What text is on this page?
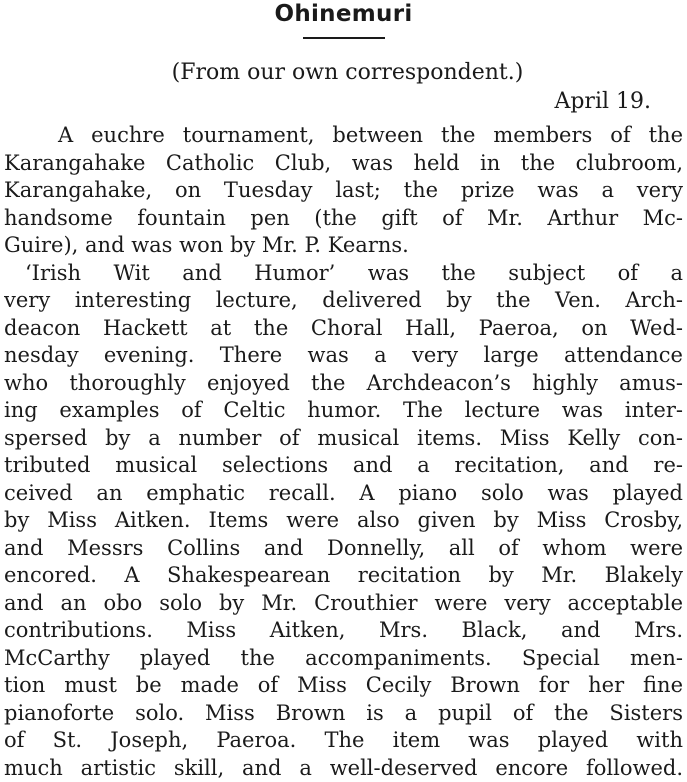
Ohinemuri
(From our own correspondent.)
April 19.
A euchre tournament, between the members of the
Karangahake Catholic Club, was held in the clubroom,
Karangahake, on Tuesday last; the prize was a very
handsome fountain pen (the gift of Mr. Arthur Mc-
Guire), and was won by Mr. P. Kearns.
‘Irish Wit and Humor’ was the subject of a
very interesting lecture, delivered by the Ven. Arch-
deacon Hackett at the Choral Hall, Paeroa, on Wed-
nesday evening. There was a very large attendance
who thoroughly enjoyed the Archdeacon’s highly amus-
ing examples of Celtic humor. The lecture was inter-
spersed by a number of musical items. Miss Kelly con-
tributed musical selections and a recitation, and re-
ceived an emphatic recall. A piano solo was played
by Miss Aitken. Items were also given by Miss Crosby,
and Messrs Collins and Donnelly, all of whom were
encored. A Shakespearean recitation by Mr. Blakely
and an obo solo by Mr. Crouthier were very acceptable
contributions. Miss Aitken, Mrs. Black, and Mrs.
McCarthy played the accompaniments. Special men-
tion must be made of Miss Cecily Brown for her fine
pianoforte solo. Miss Brown is a pupil of the Sisters
of St. Joseph, Paeroa. The item was played with
much artistic skill, and a well-deserved encore followed.
